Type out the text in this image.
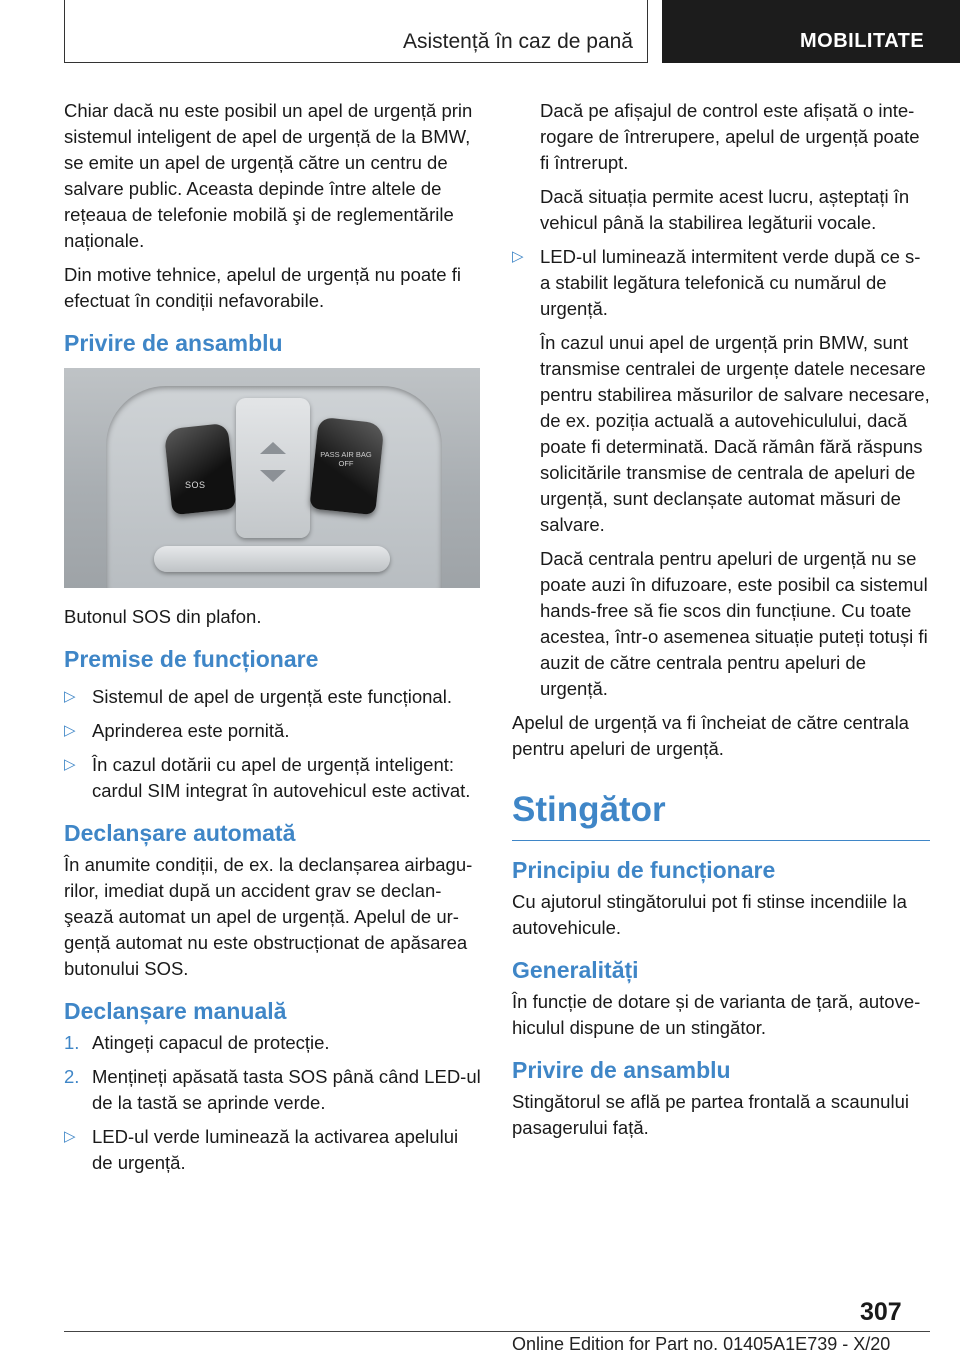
Asistență în caz de pană	MOBILITATE

Chiar dacă nu este posibil un apel de urgență prin sistemul inteligent de apel de urgență de la BMW, se emite un apel de urgență către un centru de salvare public. Aceasta depinde între altele de rețeaua de telefonie mobilă şi de reglementările naționale.

Din motive tehnice, apelul de urgență nu poate fi efectuat în condiții nefavorabile.

Privire de ansamblu
SOS
PASS AIR BAG OFF

Butonul SOS din plafon.

Premise de funcționare
▷ Sistemul de apel de urgență este funcțional.
▷ Aprinderea este pornită.
▷ În cazul dotării cu apel de urgență inteligent: cardul SIM integrat în autovehicul este activat.
Declanșare automată

În anumite condiții, de ex. la declanșarea airbagurilor, imediat după un accident grav se declanşează automat un apel de urgență. Apelul de urgență automat nu este obstrucționat de apăsarea butonului SOS.

Declanșare manuală
1. Atingeți capacul de protecție.
2. Mențineți apăsată tasta SOS până când LED-ul de la tastă se aprinde verde.
▷ LED-ul verde luminează la activarea apelului de urgență.

Dacă pe afișajul de control este afișată o interogare de întrerupere, apelul de urgență poate fi întrerupt.

Dacă situația permite acest lucru, așteptați în vehicul până la stabilirea legăturii vocale.

▷ LED-ul luminează intermitent verde după ce s-a stabilit legătura telefonică cu numărul de urgență.

În cazul unui apel de urgență prin BMW, sunt transmise centralei de urgențe datele necesare pentru stabilirea măsurilor de salvare necesare, de ex. poziția actuală a autovehiculului, dacă poate fi determinată. Dacă rămân fără răspuns solicitările transmise de centrala de apeluri de urgență, sunt declanșate automat măsuri de salvare.

Dacă centrala pentru apeluri de urgență nu se poate auzi în difuzoare, este posibil ca sistemul hands-free să fie scos din funcțiune. Cu toate acestea, într-o asemenea situație puteți totuși fi auzit de către centrala pentru apeluri de urgență.

Apelul de urgență va fi încheiat de către centrala pentru apeluri de urgență.

Stingător
Principiu de funcționare

Cu ajutorul stingătorului pot fi stinse incendiile la autovehicule.

Generalități

În funcție de dotare și de varianta de țară, autovehiculul dispune de un stingător.

Privire de ansamblu

Stingătorul se află pe partea frontală a scaunului pasagerului față.

307
Online Edition for Part no. 01405A1E739 - X/20
